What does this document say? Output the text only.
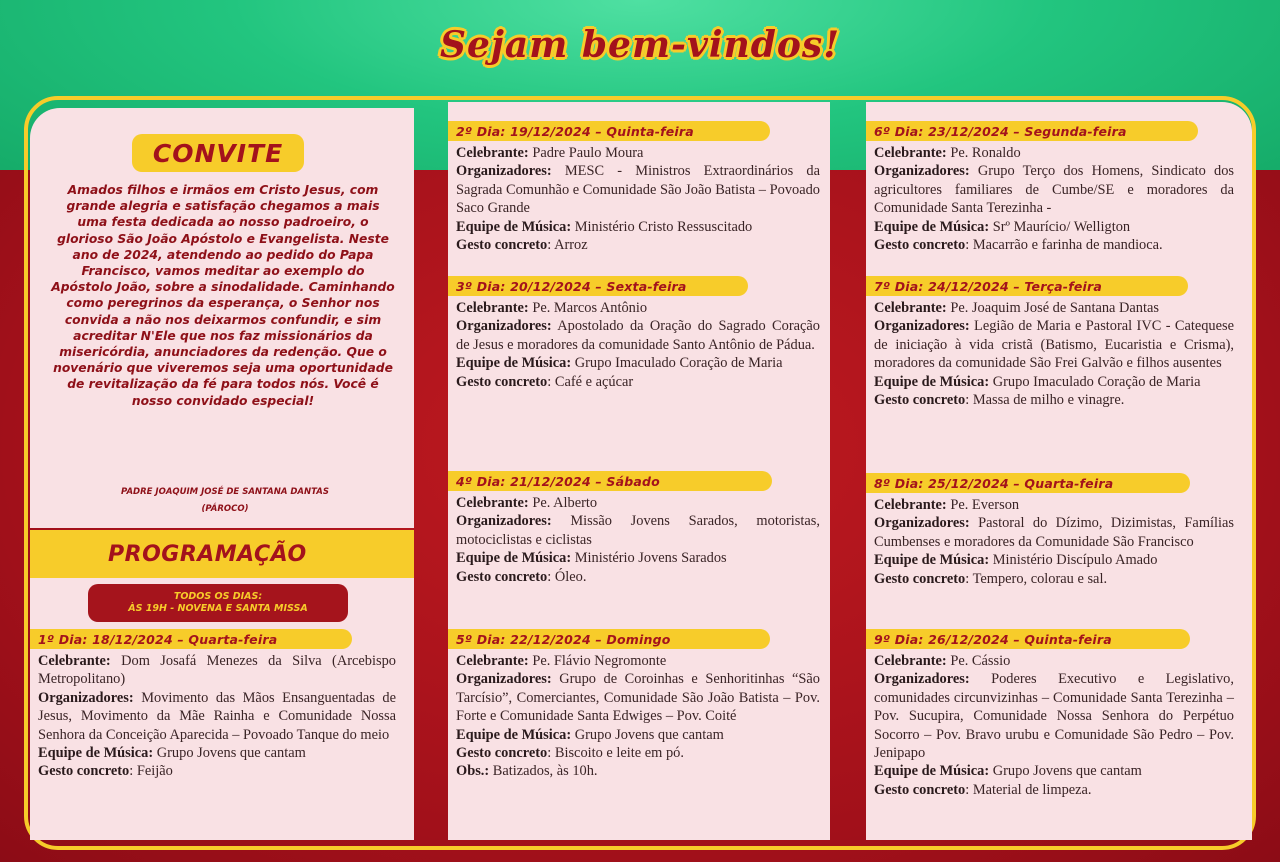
Sejam bem-vindos!
CONVITE

Amados filhos e irmãos em Cristo Jesus, com grande alegria e satisfação chegamos a mais uma festa dedicada ao nosso padroeiro, o glorioso São João Apóstolo e Evangelista. Neste ano de 2024, atendendo ao pedido do Papa Francisco, vamos meditar ao exemplo do Apóstolo João, sobre a sinodalidade. Caminhando como peregrinos da esperança, o Senhor nos convida a não nos deixarmos confundir, e sim acreditar N'Ele que nos faz missionários da misericórdia, anunciadores da redenção. Que o novenário que viveremos seja uma oportunidade de revitalização da fé para todos nós. Você é nosso convidado especial!

PADRE JOAQUIM JOSÉ DE SANTANA DANTAS
(PÁROCO)
PROGRAMAÇÃO
TODOS OS DIAS:
ÀS 19H - NOVENA E SANTA MISSA
1º Dia: 18/12/2024 – Quarta-feira
Celebrante: Dom Josafá Menezes da Silva (Arcebispo Metropolitano)
Organizadores: Movimento das Mãos Ensanguentadas de Jesus, Movimento da Mãe Rainha e Comunidade Nossa Senhora da Conceição Aparecida – Povoado Tanque do meio
Equipe de Música: Grupo Jovens que cantam
Gesto concreto: Feijão
2º Dia: 19/12/2024 – Quinta-feira
Celebrante: Padre Paulo Moura
Organizadores: MESC - Ministros Extraordinários da Sagrada Comunhão e Comunidade São João Batista – Povoado Saco Grande
Equipe de Música: Ministério Cristo Ressuscitado
Gesto concreto: Arroz
3º Dia: 20/12/2024 – Sexta-feira
Celebrante: Pe. Marcos Antônio
Organizadores: Apostolado da Oração do Sagrado Coração de Jesus e moradores da comunidade Santo Antônio de Pádua.
Equipe de Música: Grupo Imaculado Coração de Maria
Gesto concreto: Café e açúcar
4º Dia: 21/12/2024 – Sábado
Celebrante: Pe. Alberto
Organizadores: Missão Jovens Sarados, motoristas, motociclistas e ciclistas
Equipe de Música: Ministério Jovens Sarados
Gesto concreto: Óleo.
5º Dia: 22/12/2024 – Domingo
Celebrante: Pe. Flávio Negromonte
Organizadores: Grupo de Coroinhas e Senhoritinhas “São Tarcísio”, Comerciantes, Comunidade São João Batista – Pov. Forte e Comunidade Santa Edwiges – Pov. Coité
Equipe de Música: Grupo Jovens que cantam
Gesto concreto: Biscoito e leite em pó.
Obs.: Batizados, às 10h.
6º Dia: 23/12/2024 – Segunda-feira
Celebrante: Pe. Ronaldo
Organizadores: Grupo Terço dos Homens, Sindicato dos agricultores familiares de Cumbe/SE e moradores da Comunidade Santa Terezinha -
Equipe de Música: Srº Maurício/ Welligton
Gesto concreto: Macarrão e farinha de mandioca.
7º Dia: 24/12/2024 – Terça-feira
Celebrante: Pe. Joaquim José de Santana Dantas
Organizadores: Legião de Maria e Pastoral IVC - Catequese de iniciação à vida cristã (Batismo, Eucaristia e Crisma), moradores da comunidade São Frei Galvão e filhos ausentes
Equipe de Música: Grupo Imaculado Coração de Maria
Gesto concreto: Massa de milho e vinagre.
8º Dia: 25/12/2024 – Quarta-feira
Celebrante: Pe. Everson
Organizadores: Pastoral do Dízimo, Dizimistas, Famílias Cumbenses e moradores da Comunidade São Francisco
Equipe de Música: Ministério Discípulo Amado
Gesto concreto: Tempero, colorau e sal.
9º Dia: 26/12/2024 – Quinta-feira
Celebrante: Pe. Cássio
Organizadores: Poderes Executivo e Legislativo, comunidades circunvizinhas – Comunidade Santa Terezinha – Pov. Sucupira, Comunidade Nossa Senhora do Perpétuo Socorro – Pov. Bravo urubu e Comunidade São Pedro – Pov. Jenipapo
Equipe de Música: Grupo Jovens que cantam
Gesto concreto: Material de limpeza.
